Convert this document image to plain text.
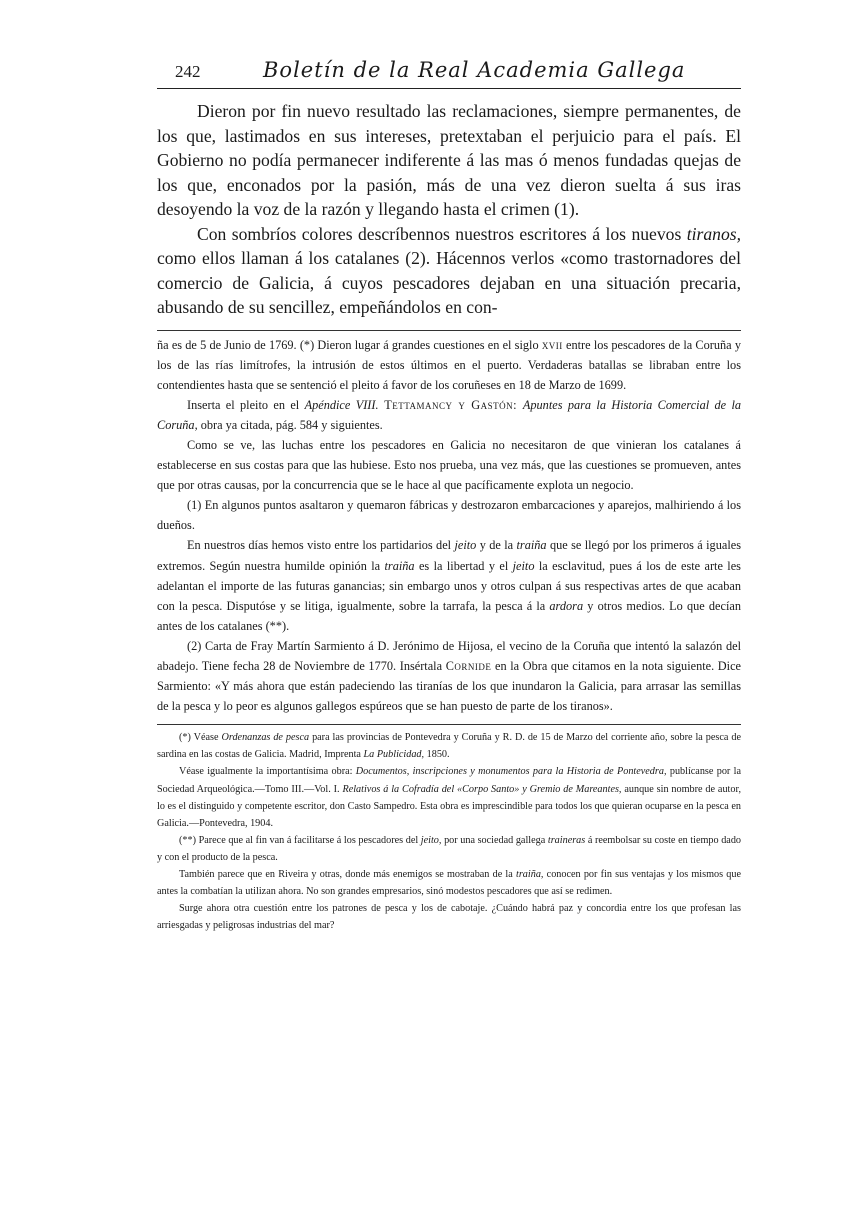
242	Boletín de la Real Academia Gallega

Dieron por fin nuevo resultado las reclamaciones, siempre permanentes, de los que, lastimados en sus intereses, pretextaban el perjuicio para el país. El Gobierno no podía permanecer indiferente á las mas ó menos fundadas quejas de los que, enconados por la pasión, más de una vez dieron suelta á sus iras desoyendo la voz de la razón y llegando hasta el crimen (1).

Con sombríos colores descríbennos nuestros escritores á los nuevos tiranos, como ellos llaman á los catalanes (2). Hácennos verlos «como trastornadores del comercio de Galicia, á cuyos pescadores dejaban en una situación precaria, abusando de su sencillez, empeñándolos en con-

ña es de 5 de Junio de 1769. (*) Dieron lugar á grandes cuestiones en el siglo xvii entre los pescadores de la Coruña y los de las rías limítrofes, la intrusión de estos últimos en el puerto. Verdaderas batallas se libraban entre los contendientes hasta que se sentenció el pleito á favor de los coruñeses en 18 de Marzo de 1699.

Inserta el pleito en el Apéndice VIII. Tettamancy y Gastón: Apuntes para la Historia Comercial de la Coruña, obra ya citada, pág. 584 y siguientes.

Como se ve, las luchas entre los pescadores en Galicia no necesitaron de que vinieran los catalanes á establecerse en sus costas para que las hubiese. Esto nos prueba, una vez más, que las cuestiones se promueven, antes que por otras causas, por la concurrencia que se le hace al que pacíficamente explota un negocio.

(1) En algunos puntos asaltaron y quemaron fábricas y destrozaron embarcaciones y aparejos, malhiriendo á los dueños.

En nuestros días hemos visto entre los partidarios del jeito y de la traiña que se llegó por los primeros á iguales extremos. Según nuestra humilde opinión la traiña es la libertad y el jeito la esclavitud, pues á los de este arte les adelantan el importe de las futuras ganancias; sin embargo unos y otros culpan á sus respectivas artes de que acaban con la pesca. Disputóse y se litiga, igualmente, sobre la tarrafa, la pesca á la ardora y otros medios. Lo que decían antes de los catalanes (**).

(2) Carta de Fray Martín Sarmiento á D. Jerónimo de Hijosa, el vecino de la Coruña que intentó la salazón del abadejo. Tiene fecha 28 de Noviembre de 1770. Insértala Cornide en la Obra que citamos en la nota siguiente. Dice Sarmiento: «Y más ahora que están padeciendo las tiranías de los que inundaron la Galicia, para arrasar las semillas de la pesca y lo peor es algunos gallegos espúreos que se han puesto de parte de los tiranos».

(*) Véase Ordenanzas de pesca para las provincias de Pontevedra y Coruña y R. D. de 15 de Marzo del corriente año, sobre la pesca de sardina en las costas de Galicia. Madrid, Imprenta La Publicidad, 1850.

Véase igualmente la importantísima obra: Documentos, inscripciones y monumentos para la Historia de Pontevedra, publícanse por la Sociedad Arqueológica.—Tomo III.—Vol. I. Relativos á la Cofradía del «Corpo Santo» y Gremio de Mareantes, aunque sin nombre de autor, lo es el distinguido y competente escritor, don Casto Sampedro. Esta obra es imprescindible para todos los que quieran ocuparse en la pesca en Galicia.—Pontevedra, 1904.

(**) Parece que al fin van á facilitarse á los pescadores del jeito, por una sociedad gallega traineras á reembolsar su coste en tiempo dado y con el producto de la pesca.

También parece que en Riveira y otras, donde más enemigos se mostraban de la traiña, conocen por fin sus ventajas y los mismos que antes la combatían la utilizan ahora. No son grandes empresarios, sinó modestos pescadores que así se redimen.

Surge ahora otra cuestión entre los patrones de pesca y los de cabotaje. ¿Cuándo habrá paz y concordia entre los que profesan las arriesgadas y peligrosas industrias del mar?
